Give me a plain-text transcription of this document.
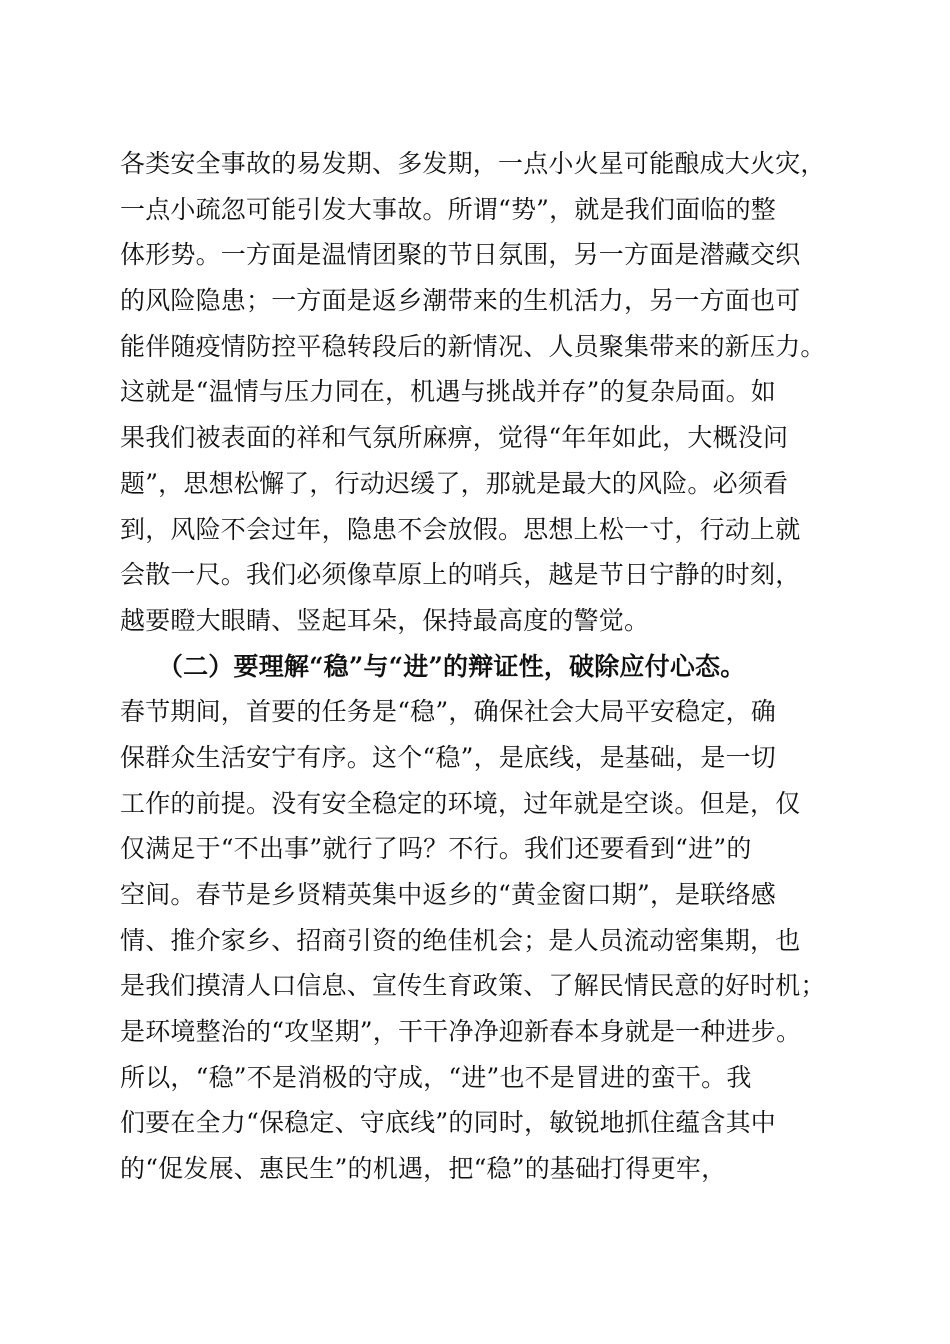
各类安全事故的易发期、多发期，一点小火星可能酿成大火灾，
一点小疏忽可能引发大事故。所谓“势”，就是我们面临的整
体形势。一方面是温情团聚的节日氛围，另一方面是潜藏交织
的风险隐患；一方面是返乡潮带来的生机活力，另一方面也可
能伴随疫情防控平稳转段后的新情况、人员聚集带来的新压力。
这就是“温情与压力同在，机遇与挑战并存”的复杂局面。如
果我们被表面的祥和气氛所麻痹，觉得“年年如此，大概没问
题”，思想松懈了，行动迟缓了，那就是最大的风险。必须看
到，风险不会过年，隐患不会放假。思想上松一寸，行动上就
会散一尺。我们必须像草原上的哨兵，越是节日宁静的时刻，
越要瞪大眼睛、竖起耳朵，保持最高度的警觉。
　　（二）要理解“稳”与“进”的辩证性，破除应付心态。
春节期间，首要的任务是“稳”，确保社会大局平安稳定，确
保群众生活安宁有序。这个“稳”，是底线，是基础，是一切
工作的前提。没有安全稳定的环境，过年就是空谈。但是，仅
仅满足于“不出事”就行了吗？不行。我们还要看到“进”的
空间。春节是乡贤精英集中返乡的“黄金窗口期”，是联络感
情、推介家乡、招商引资的绝佳机会；是人员流动密集期，也
是我们摸清人口信息、宣传生育政策、了解民情民意的好时机；
是环境整治的“攻坚期”，干干净净迎新春本身就是一种进步。
所以，“稳”不是消极的守成，“进”也不是冒进的蛮干。我
们要在全力“保稳定、守底线”的同时，敏锐地抓住蕴含其中
的“促发展、惠民生”的机遇，把“稳”的基础打得更牢，
